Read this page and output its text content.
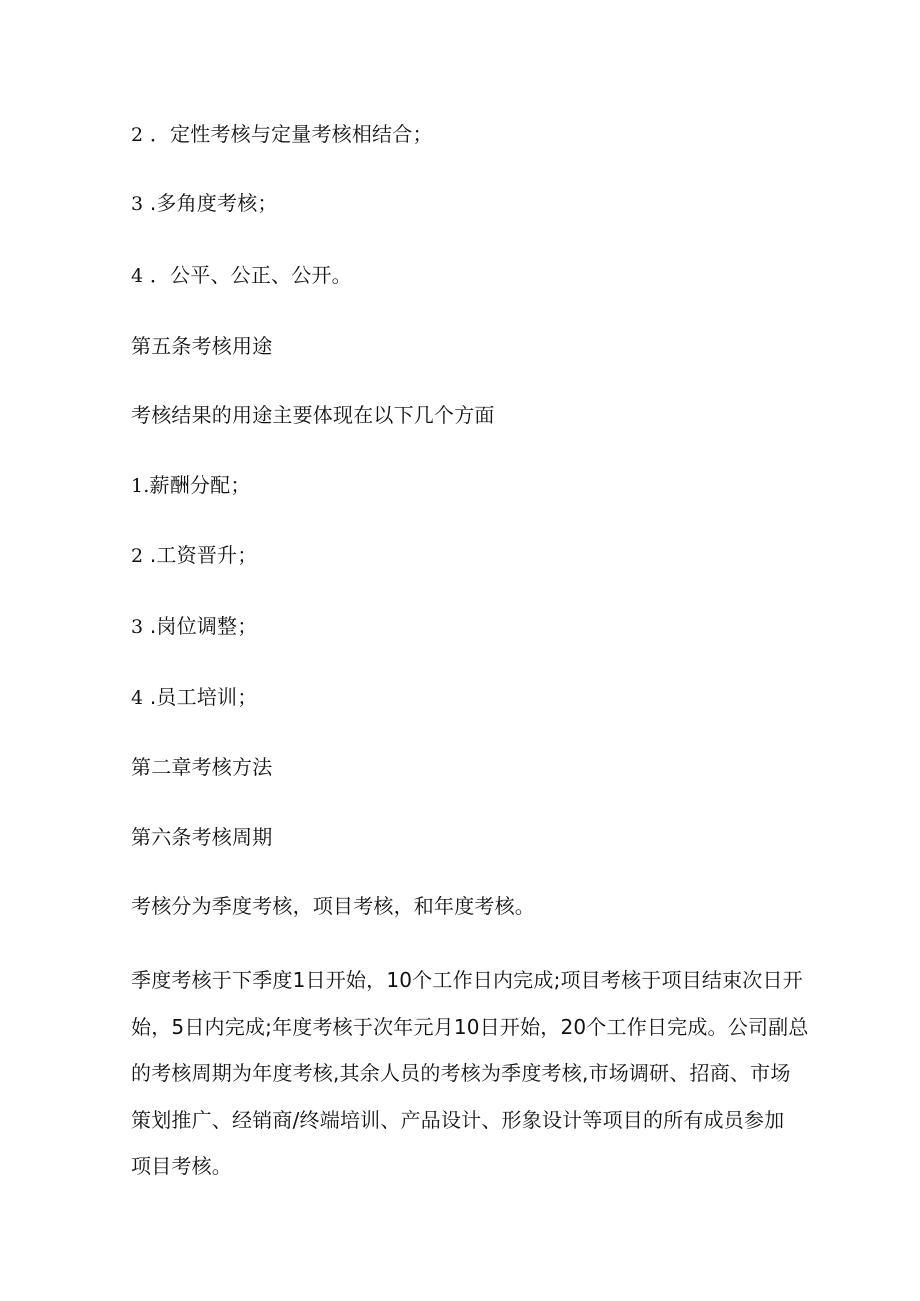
2 ．定性考核与定量考核相结合；

3 .多角度考核；

4 ．公平、公正、公开。

第五条考核用途

考核结果的用途主要体现在以下几个方面

1.薪酬分配；

2 .工资晋升；

3 .岗位调整；

4 .员工培训；

第二章考核方法

第六条考核周期

考核分为季度考核，项目考核，和年度考核。

季度考核于下季度1日开始，10个工作日内完成;项目考核于项目结束次日开
始，5日内完成;年度考核于次年元月10日开始，20个工作日完成。公司副总
的考核周期为年度考核,其余人员的考核为季度考核,市场调研、招商、市场
策划推广、经销商/终端培训、产品设计、形象设计等项目的所有成员参加
项目考核。
